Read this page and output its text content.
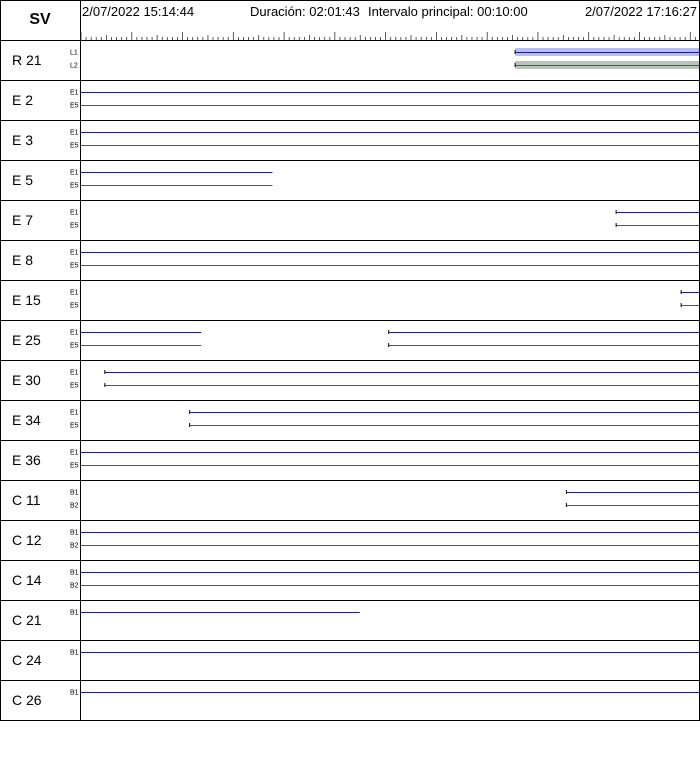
SV	2/07/2022 15:14:44	Duración: 02:01:43 Intervalo principal: 00:10:00	2/07/2022 17:16:27
R 21	L1
L2
E 2	E1
E5
E 3	E1
E5
E 5	E1
E5
E 7	E1
E5
E 8	E1
E5
E 15	E1
E5
E 25	E1
E5
E 30	E1
E5
E 34	E1
E5
E 36	E1
E5
C 11	B1
B2
C 12	B1
B2
C 14	B1
B2
C 21	B1
C 24	B1
C 26	B1
